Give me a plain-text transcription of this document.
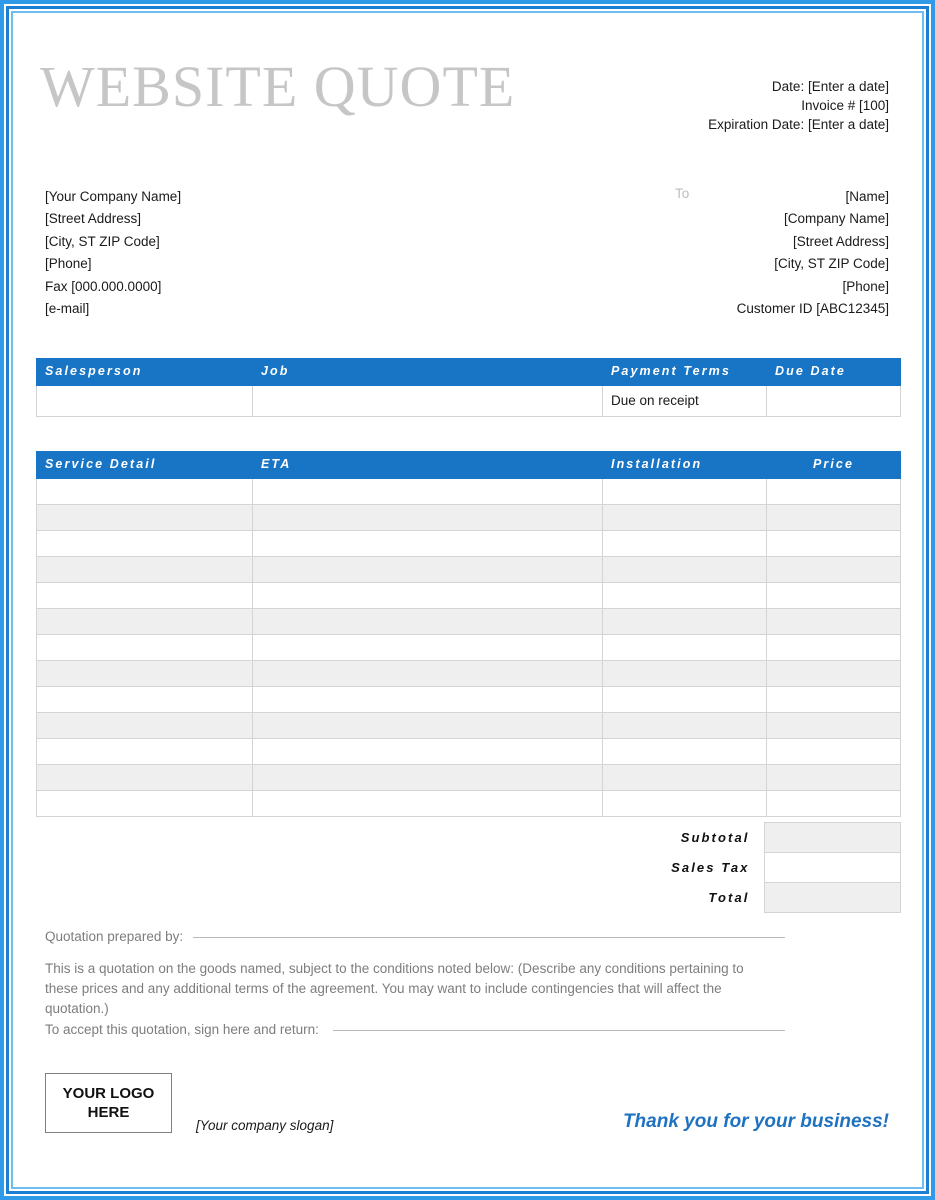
WEBSITE QUOTE	Date: [Enter a date]
Invoice # [100]
Expiration Date: [Enter a date]
[Your Company Name]
[Street Address]
[City, ST ZIP Code]
[Phone]
Fax [000.000.0000]
[e-mail]
To	[Name]
[Company Name]
[Street Address]
[City, ST ZIP Code]
[Phone]
Customer ID [ABC12345]
Salesperson	Job	Payment Terms	Due Date
		Due on receipt	
Service Detail	ETA	Installation	Price

Subtotal	
Sales Tax	
Total	
Quotation prepared by:
This is a quotation on the goods named, subject to the conditions noted below: (Describe any conditions pertaining to these prices and any additional terms of the agreement. You may want to include contingencies that will affect the quotation.)
To accept this quotation, sign here and return:
YOUR LOGO
HERE
[Your company slogan]	Thank you for your business!
